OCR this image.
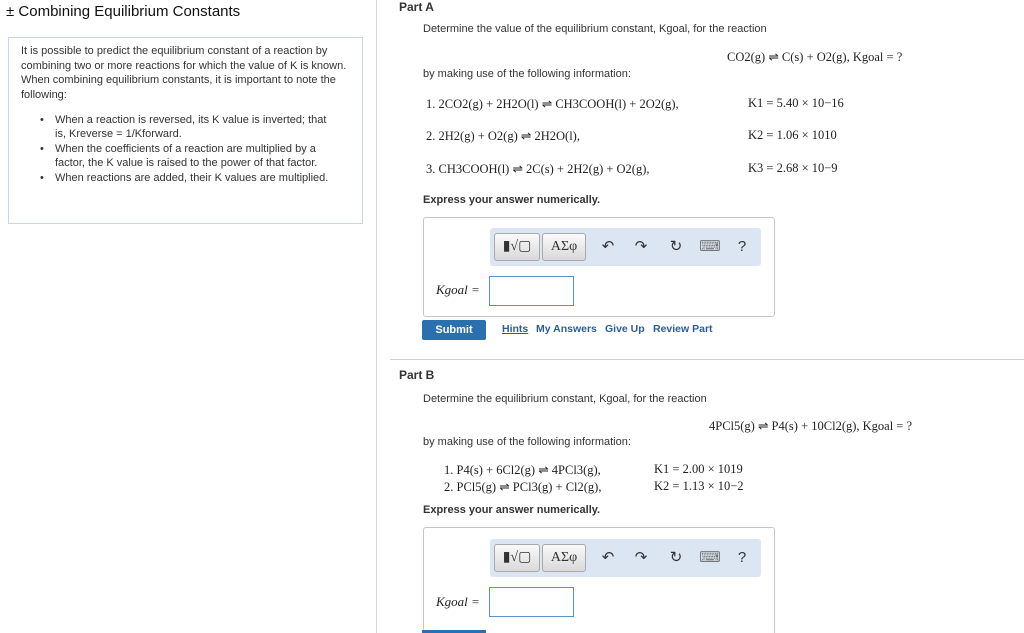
± Combining Equilibrium Constants
It is possible to predict the equilibrium constant of a reaction by combining two or more reactions for which the value of K is known. When combining equilibrium constants, it is important to note the following:
• When a reaction is reversed, its K value is inverted; that is, Kreverse = 1/Kforward.
• When the coefficients of a reaction are multiplied by a factor, the K value is raised to the power of that factor.
• When reactions are added, their K values are multiplied.
Part A
Determine the value of the equilibrium constant, Kgoal, for the reaction
CO2(g) ⇌ C(s) + O2(g), Kgoal = ?
by making use of the following information:
1. 2CO2(g) + 2H2O(l) ⇌ CH3COOH(l) + 2O2(g),	K1 = 5.40 × 10−16
2. 2H2(g) + O2(g) ⇌ 2H2O(l),	K2 = 1.06 × 1010
3. CH3COOH(l) ⇌ 2C(s) + 2H2(g) + O2(g),	K3 = 2.68 × 10−9
Express your answer numerically.
▮√▢	ΑΣφ	↶	↷	↻	⌨	?
Kgoal =
Submit	Hints My Answers Give Up Review Part
Part B
Determine the equilibrium constant, Kgoal, for the reaction
4PCl5(g) ⇌ P4(s) + 10Cl2(g), Kgoal = ?
by making use of the following information:
1. P4(s) + 6Cl2(g) ⇌ 4PCl3(g),	K1 = 2.00 × 1019
2. PCl5(g) ⇌ PCl3(g) + Cl2(g),	K2 = 1.13 × 10−2
Express your answer numerically.
▮√▢	ΑΣφ	↶	↷	↻	⌨	?
Kgoal =
